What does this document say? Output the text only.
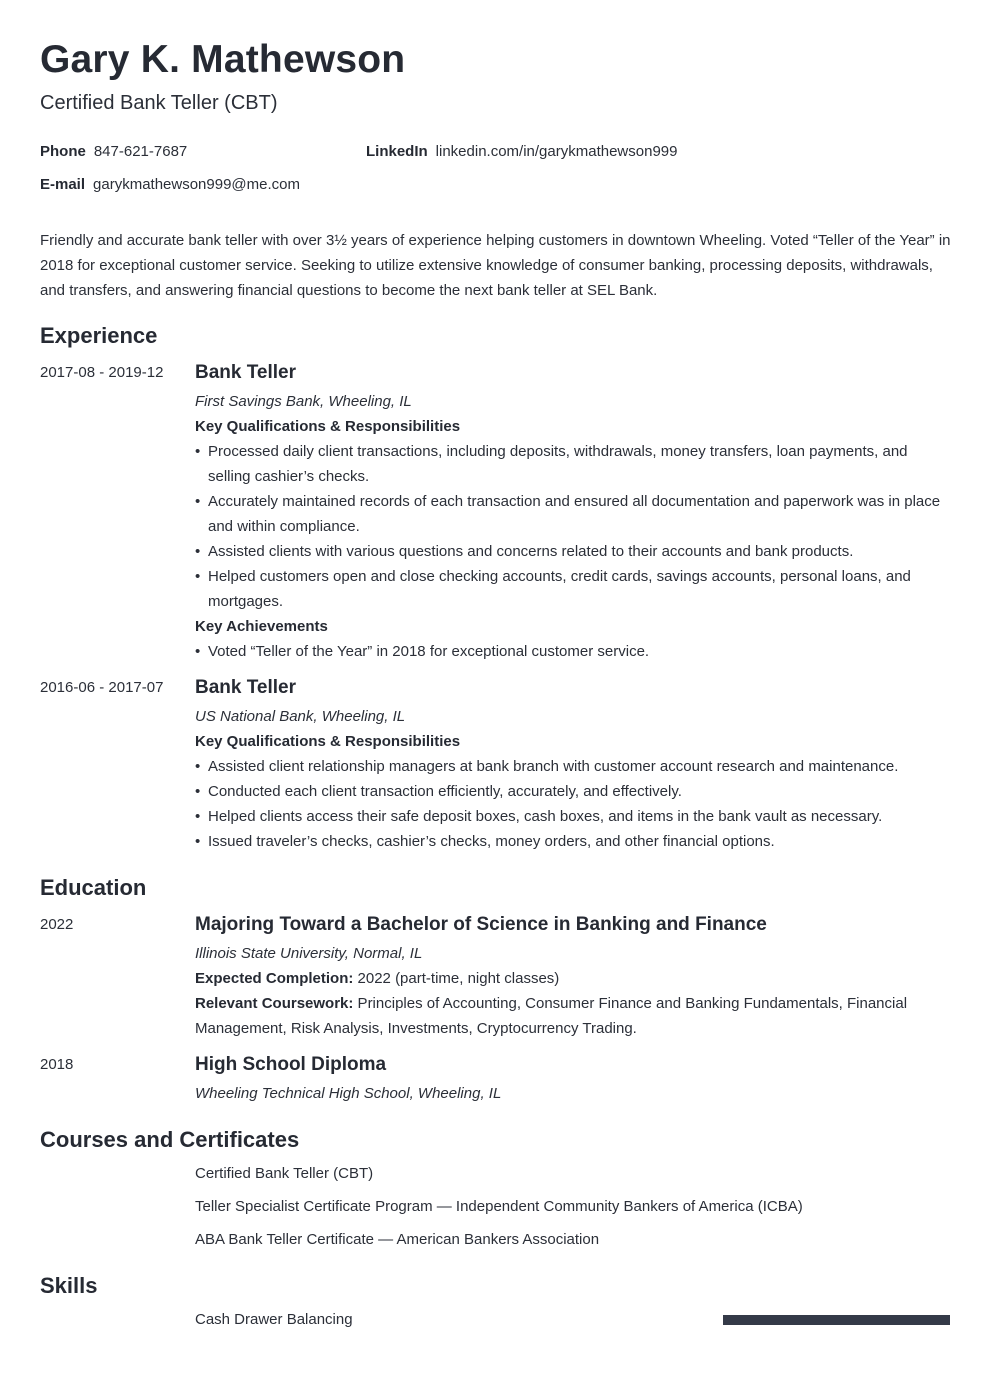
Gary K. Mathewson
Certified Bank Teller (CBT)
Phone 847-621-7687	LinkedIn linkedin.com/in/garykmathewson999
E-mail garykmathewson999@me.com

Friendly and accurate bank teller with over 3½ years of experience helping customers in downtown Wheeling. Voted “Teller of the Year” in 2018 for exceptional customer service. Seeking to utilize extensive knowledge of consumer banking, processing deposits, withdrawals, and transfers, and answering financial questions to become the next bank teller at SEL Bank.

Experience
2017-08 - 2019-12 Bank Teller
First Savings Bank, Wheeling, IL
Key Qualifications & Responsibilities
• Processed daily client transactions, including deposits, withdrawals, money transfers, loan payments, and selling cashier’s checks.
• Accurately maintained records of each transaction and ensured all documentation and paperwork was in place and within compliance.
• Assisted clients with various questions and concerns related to their accounts and bank products.
• Helped customers open and close checking accounts, credit cards, savings accounts, personal loans, and mortgages.
Key Achievements
• Voted “Teller of the Year” in 2018 for exceptional customer service.
2016-06 - 2017-07 Bank Teller
US National Bank, Wheeling, IL
Key Qualifications & Responsibilities
• Assisted client relationship managers at bank branch with customer account research and maintenance.
• Conducted each client transaction efficiently, accurately, and effectively.
• Helped clients access their safe deposit boxes, cash boxes, and items in the bank vault as necessary.
• Issued traveler’s checks, cashier’s checks, money orders, and other financial options.
Education
2022	Majoring Toward a Bachelor of Science in Banking and Finance
Illinois State University, Normal, IL
Expected Completion: 2022 (part-time, night classes)
Relevant Coursework: Principles of Accounting, Consumer Finance and Banking Fundamentals, Financial Management, Risk Analysis, Investments, Cryptocurrency Trading.
2018	High School Diploma
Wheeling Technical High School, Wheeling, IL
Courses and Certificates
Certified Bank Teller (CBT)
Teller Specialist Certificate Program — Independent Community Bankers of America (ICBA)
ABA Bank Teller Certificate — American Bankers Association
Skills
Cash Drawer Balancing
